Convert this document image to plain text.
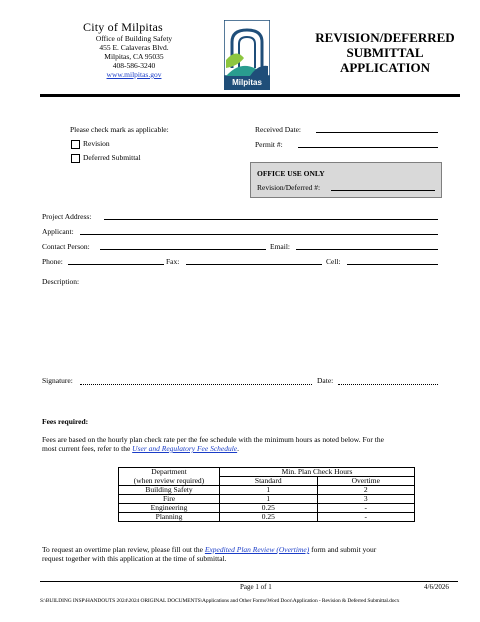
City of Milpitas
Office of Building Safety
455 E. Calaveras Blvd.
Milpitas, CA 95035
408-586-3240
www.milpitas.gov
Milpitas
REVISION/DEFERRED
SUBMITTAL
APPLICATION
Please check mark as applicable:
Revision
Deferred Submittal
Received Date:
Permit #:
OFFICE USE ONLY
Revision/Deferred #:
Project Address:
Applicant:
Contact Person:	Email:
Phone:	Fax:	Cell:
Description:
Signature:	Date:
Fees required:
Fees are based on the hourly plan check rate per the fee schedule with the minimum hours as noted below. For the
most current fees, refer to the User and Regulatory Fee Schedule.
Department	Min. Plan Check Hours	
(when review required)	Standard	Overtime
Building Safety	1	2
Fire	1	3
Engineering	0.25	-
Planning	0.25	-
To request an overtime plan review, please fill out the Expedited Plan Review (Overtime) form and submit your
request together with this application at the time of submittal.
Page 1 of 1	4/6/2026
S:\BUILDING INSP\HANDOUTS 2024\2024 ORIGINAL DOCUMENTS\Applications and Other Forms\Word Docs\Application - Revision & Deferred Submittal.docx
